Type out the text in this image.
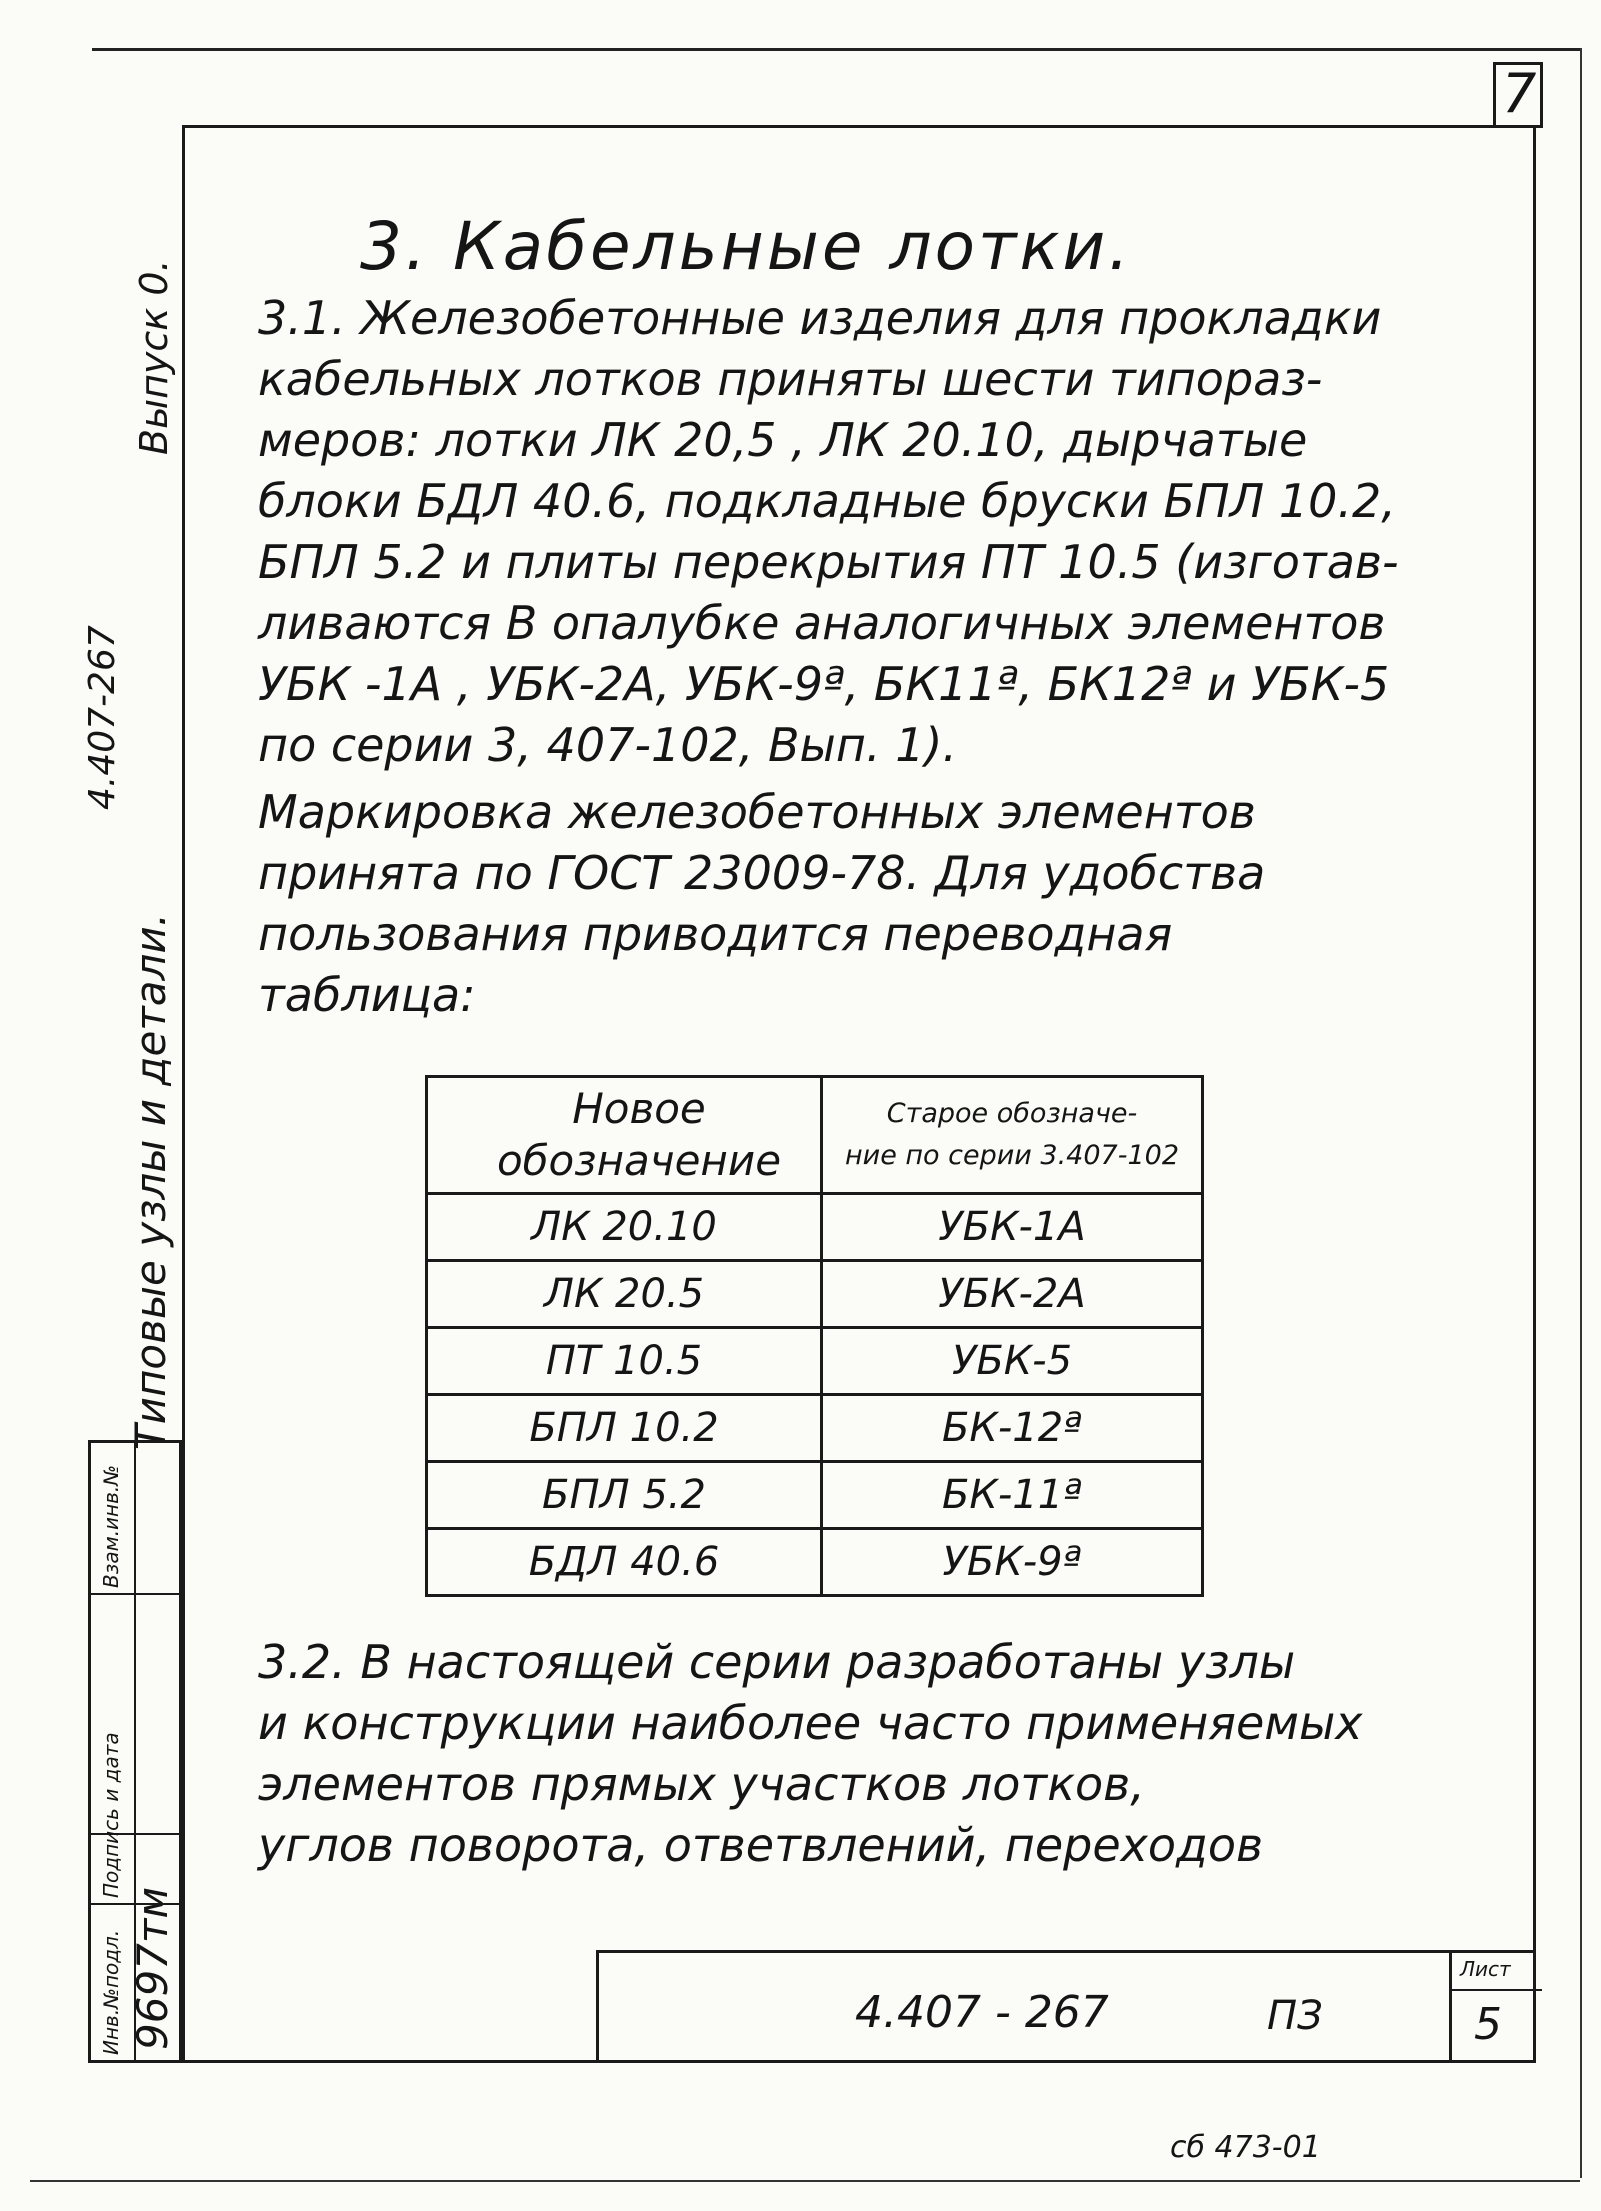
7
Выпуск 0.
4.407-267
Типовые узлы и детали.
9697тм
Инв.№подл.
Подпись и дата
Взам.инв.№
3. Кабельные лотки.
3.1. Железобетонные изделия для прокладки
кабельных лотков приняты шести типораз-
меров: лотки ЛК 20,5 , ЛК 20.10, дырчатые
блоки БДЛ 40.6, подкладные бруски БПЛ 10.2,
БПЛ 5.2 и плиты перекрытия ПТ 10.5 (изготав-
ливаются В опалубке аналогичных элементов
УБК -1А , УБК-2А, УБК-9ª, БК11ª, БК12ª и УБК-5
по серии 3, 407-102, Вып. 1).
Маркировка железобетонных элементов
принята по ГОСТ 23009-78. Для удобства
пользования приводится переводная
таблица:
Новое
обозначение	Старое обозначе-
ние по серии 3.407-102

ЛК 20.10	УБК-1А
ЛК 20.5	УБК-2А
ПТ 10.5	УБК-5
БПЛ 10.2	БК-12ª
БПЛ 5.2	БК-11ª
БДЛ 40.6	УБК-9ª
3.2. В настоящей серии разработаны узлы
и конструкции наиболее часто применяемых
элементов прямых участков лотков,
углов поворота, ответвлений, переходов
4.407 - 267	ПЗ
Лист
5
сб 473-01
